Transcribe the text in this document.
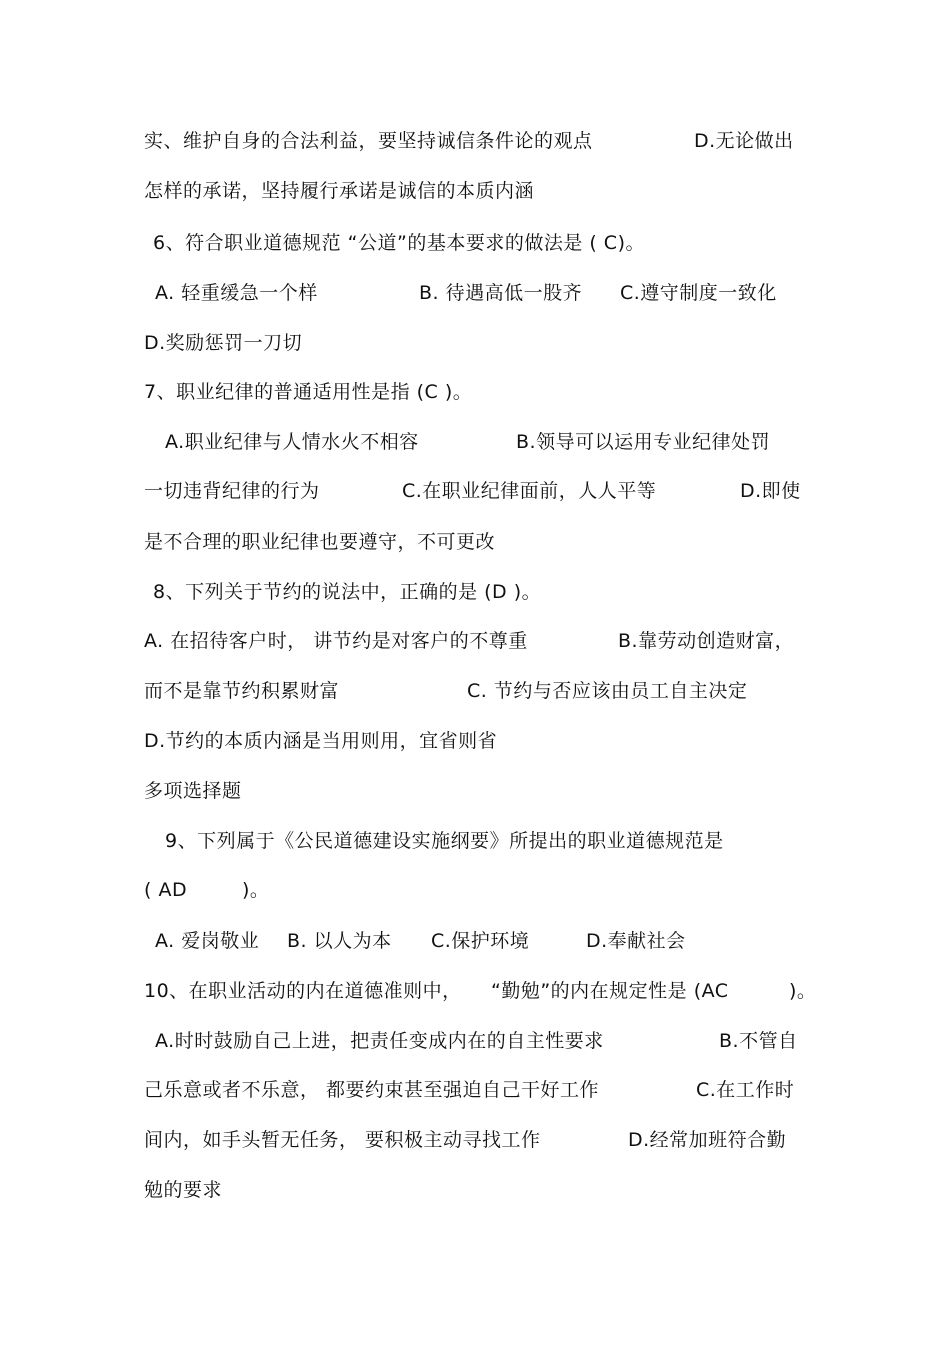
实、维护自身的合法利益，要坚持诚信条件论的观点	D.无论做出
怎样的承诺，坚持履行承诺是诚信的本质内涵
6、符合职业道德规范 “公道”的基本要求的做法是 ( C)。
A. 轻重缓急一个样	B. 待遇高低一股齐 C.遵守制度一致化
D.奖励惩罚一刀切
7、职业纪律的普通适用性是指 (C )。
A.职业纪律与人情水火不相容	B.领导可以运用专业纪律处罚
一切违背纪律的行为	C.在职业纪律面前，人人平等	D.即使
是不合理的职业纪律也要遵守，不可更改
8、下列关于节约的说法中，正确的是 (D )。
A. 在招待客户时， 讲节约是对客户的不尊重	B.靠劳动创造财富，
而不是靠节约积累财富	C. 节约与否应该由员工自主决定
D.节约的本质内涵是当用则用，宜省则省
多项选择题
9、下列属于《公民道德建设实施纲要》所提出的职业道德规范是
( AD	)。
A. 爱岗敬业 B. 以人为本 C.保护环境	D.奉献社会
10、在职业活动的内在道德准则中， “勤勉”的内在规定性是 (AC	)。
A.时时鼓励自己上进，把责任变成内在的自主性要求	B.不管自
己乐意或者不乐意， 都要约束甚至强迫自己干好工作	C.在工作时
间内，如手头暂无任务， 要积极主动寻找工作	D.经常加班符合勤
勉的要求
